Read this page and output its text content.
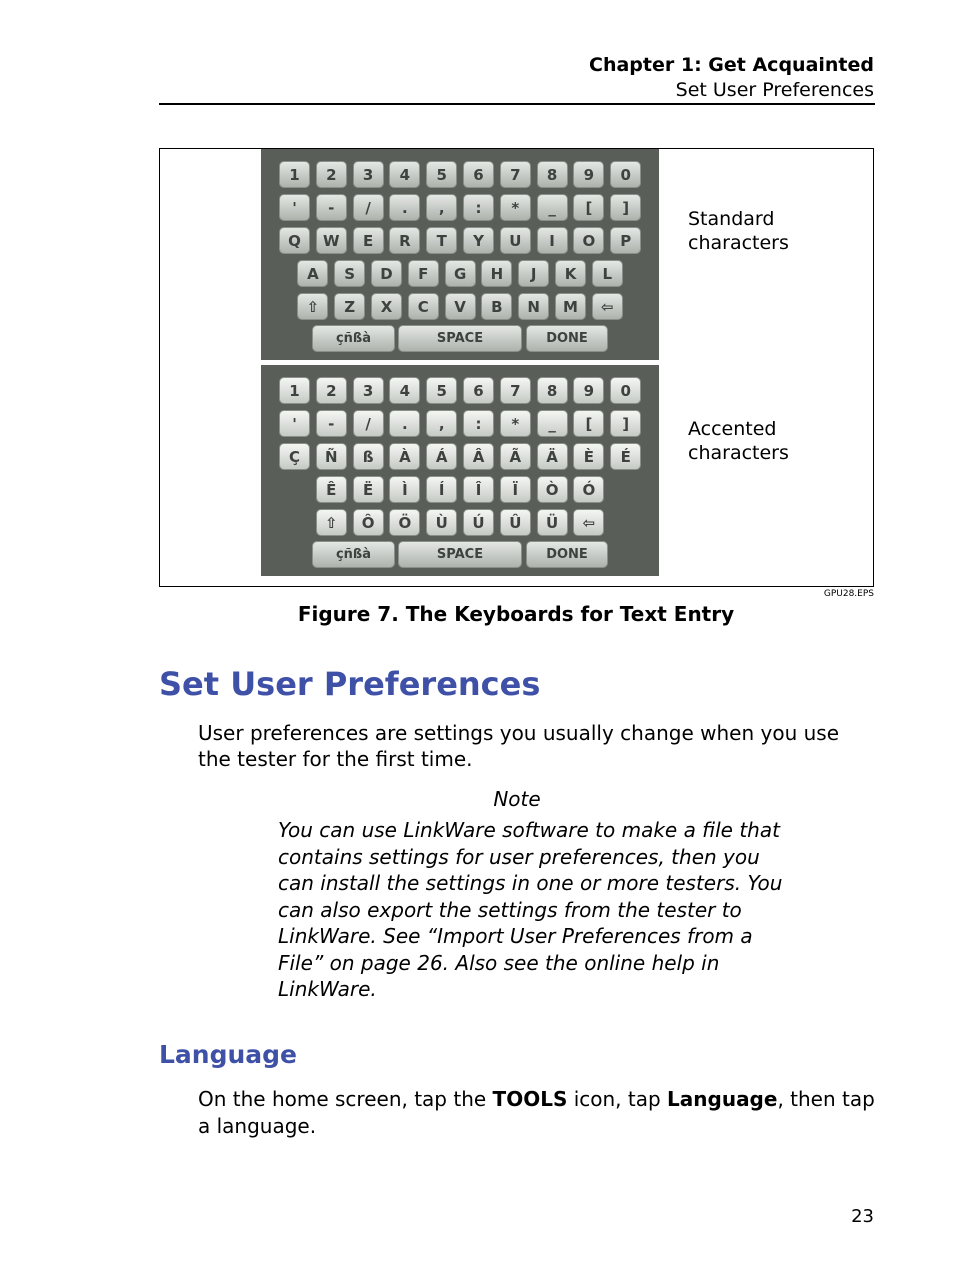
Chapter 1: Get Acquainted
Set User Preferences
1	2	3	4	5	6	7	8	9	0
'	-	/	.	,	:	*	_	[	]
Q	W	E	R	T	Y	U	I	O	P
A	S	D	F	G	H	J	K	L
⇧	Z	X	C	V	B	N	M	⇦
çñßà	SPACE	DONE
1	2	3	4	5	6	7	8	9	0
'	-	/	.	,	:	*	_	[	]
Ç	Ñ	ß	À	Á	Â	Ã	Ä	È	É
Ê	Ë	Ì	Í	Î	Ï	Ò	Ó
⇧	Ô	Ö	Ù	Ú	Û	Ü	⇦
çñßà	SPACE	DONE
Standard characters
Accented characters
GPU28.EPS
Figure 7. The Keyboards for Text Entry
Set User Preferences
User preferences are settings you usually change when you use the tester for the first time.
Note
You can use LinkWare software to make a file that contains settings for user preferences, then you can install the settings in one or more testers. You can also export the settings from the tester to LinkWare. See “Import User Preferences from a File” on page 26. Also see the online help in LinkWare.
Language
On the home screen, tap the TOOLS icon, tap Language, then tap a language.
23
